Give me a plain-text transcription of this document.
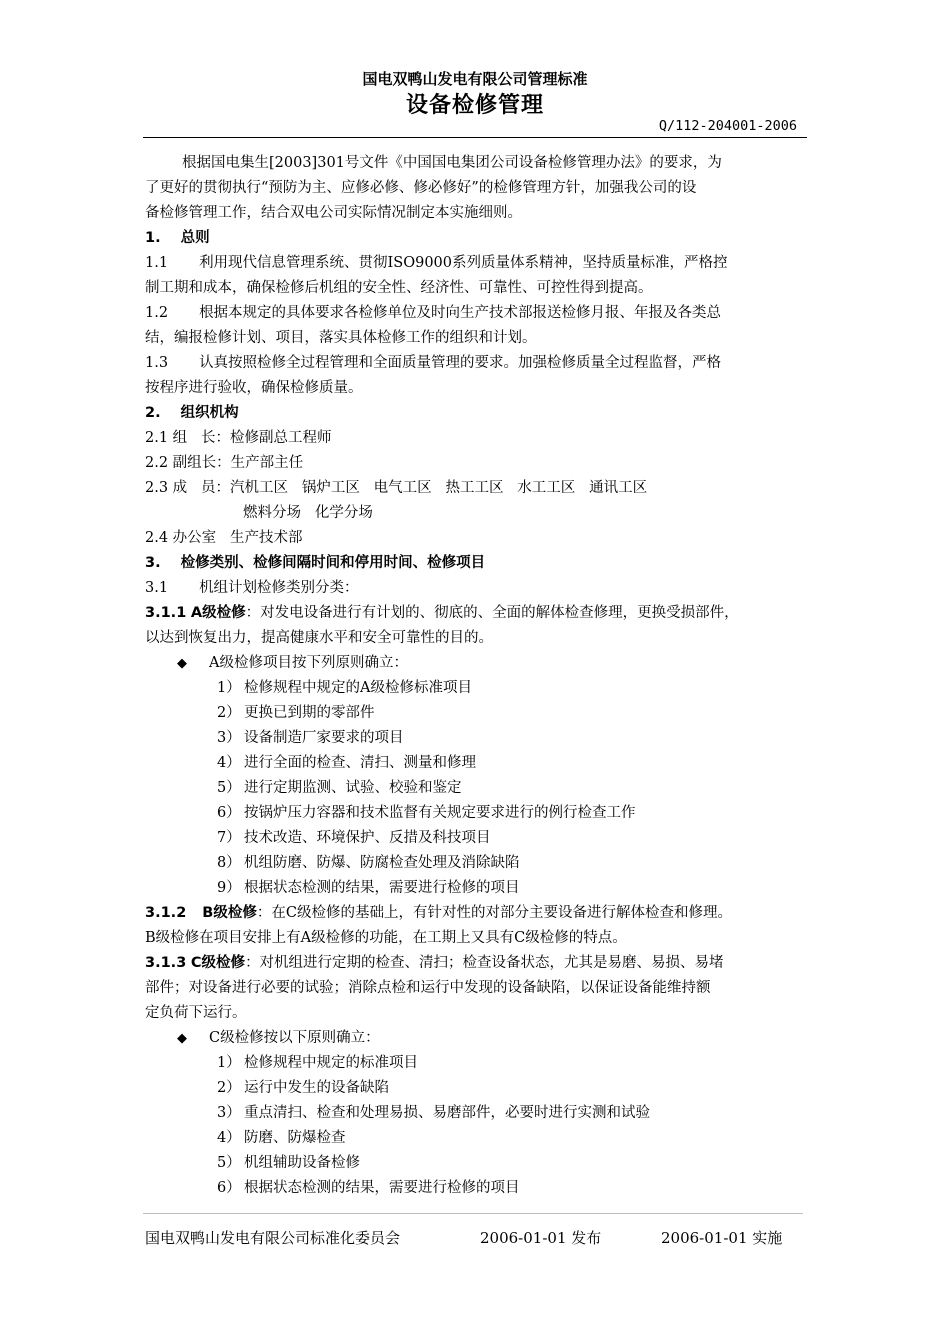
国电双鸭山发电有限公司管理标准
设备检修管理
Q/112-204001-2006
根据国电集生[2003]301号文件《中国国电集团公司设备检修管理办法》的要求，为
了更好的贯彻执行“预防为主、应修必修、修必修好”的检修管理方针，加强我公司的设
备检修管理工作，结合双电公司实际情况制定本实施细则。
1. 总则
1.1 利用现代信息管理系统、贯彻ISO9000系列质量体系精神，坚持质量标准，严格控
制工期和成本，确保检修后机组的安全性、经济性、可靠性、可控性得到提高。
1.2 根据本规定的具体要求各检修单位及时向生产技术部报送检修月报、年报及各类总
结，编报检修计划、项目，落实具体检修工作的组织和计划。
1.3 认真按照检修全过程管理和全面质量管理的要求。加强检修质量全过程监督，严格
按程序进行验收，确保检修质量。
2. 组织机构
2.1 组   长：检修副总工程师
2.2 副组长：生产部主任
2.3 成   员：汽机工区   锅炉工区   电气工区   热工工区   水工工区   通讯工区
燃料分场   化学分场
2.4 办公室   生产技术部
3. 检修类别、检修间隔时间和停用时间、检修项目
3.1 机组计划检修类别分类：
3.1.1 A级检修：对发电设备进行有计划的、彻底的、全面的解体检查修理，更换受损部件，
以达到恢复出力，提高健康水平和安全可靠性的目的。
◆ A级检修项目按下列原则确立：
1） 检修规程中规定的A级检修标准项目
2） 更换已到期的零部件
3） 设备制造厂家要求的项目
4） 进行全面的检查、清扫、测量和修理
5） 进行定期监测、试验、校验和鉴定
6） 按锅炉压力容器和技术监督有关规定要求进行的例行检查工作
7） 技术改造、环境保护、反措及科技项目
8） 机组防磨、防爆、防腐检查处理及消除缺陷
9） 根据状态检测的结果，需要进行检修的项目
3.1.2 B级检修：在C级检修的基础上，有针对性的对部分主要设备进行解体检查和修理。
B级检修在项目安排上有A级检修的功能，在工期上又具有C级检修的特点。
3.1.3 C级检修：对机组进行定期的检查、清扫；检查设备状态，尤其是易磨、易损、易堵
部件；对设备进行必要的试验；消除点检和运行中发现的设备缺陷，以保证设备能维持额
定负荷下运行。
◆ C级检修按以下原则确立：
1） 检修规程中规定的标准项目
2） 运行中发生的设备缺陷
3） 重点清扫、检查和处理易损、易磨部件，必要时进行实测和试验
4） 防磨、防爆检查
5） 机组辅助设备检修
6） 根据状态检测的结果，需要进行检修的项目
国电双鸭山发电有限公司标准化委员会	2006-01-01 发布	2006-01-01 实施
